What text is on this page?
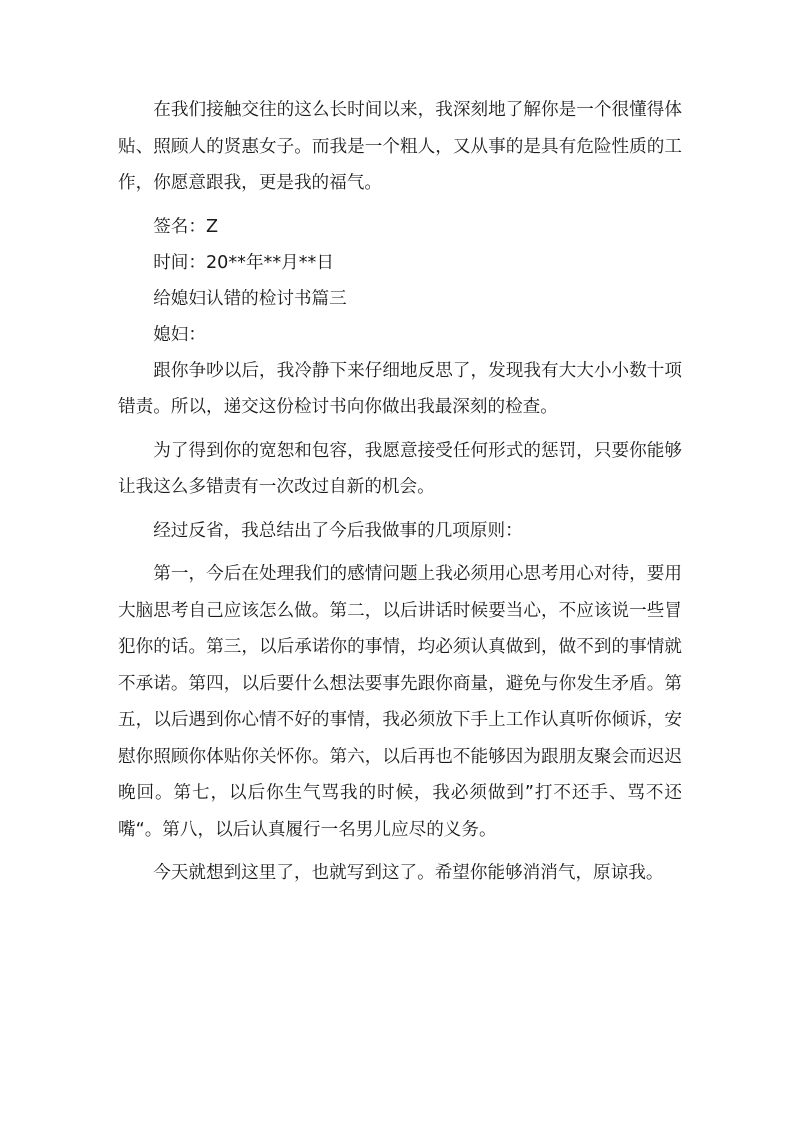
在我们接触交往的这么长时间以来，我深刻地了解你是一个很懂得体贴、照顾人的贤惠女子。而我是一个粗人，又从事的是具有危险性质的工作，你愿意跟我，更是我的福气。

签名：Z

时间：20**年**月**日

给媳妇认错的检讨书篇三

媳妇：

跟你争吵以后，我冷静下来仔细地反思了，发现我有大大小小数十项错责。所以，递交这份检讨书向你做出我最深刻的检查。

为了得到你的宽恕和包容，我愿意接受任何形式的惩罚，只要你能够让我这么多错责有一次改过自新的机会。

经过反省，我总结出了今后我做事的几项原则：

第一，今后在处理我们的感情问题上我必须用心思考用心对待，要用大脑思考自己应该怎么做。第二，以后讲话时候要当心，不应该说一些冒犯你的话。第三，以后承诺你的事情，均必须认真做到，做不到的事情就不承诺。第四，以后要什么想法要事先跟你商量，避免与你发生矛盾。第五，以后遇到你心情不好的事情，我必须放下手上工作认真听你倾诉，安慰你照顾你体贴你关怀你。第六，以后再也不能够因为跟朋友聚会而迟迟晚回。第七，以后你生气骂我的时候，我必须做到”打不还手、骂不还嘴“。第八，以后认真履行一名男儿应尽的义务。

今天就想到这里了，也就写到这了。希望你能够消消气，原谅我。
